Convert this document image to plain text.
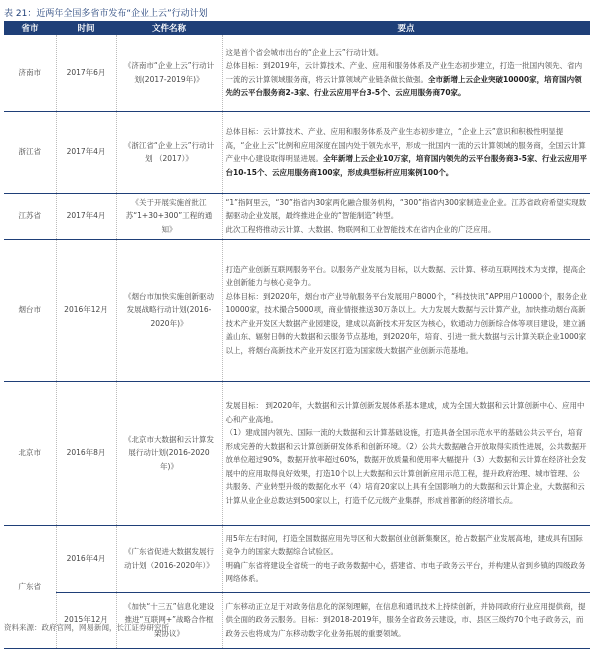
表 21：近两年全国多省市发布“企业上云”行动计划
省市	时间	文件名称	要点
济南市	2017年6月	《济南市“企业上云”行动计划(2017-2019年)》	这是首个省会城市出台的“企业上云”行动计划。
总体目标：到2019年，云计算技术、产业、应用和服务体系及产业生态初步建立，打造一批国内领先、省内一流的云计算领域服务商，将云计算领域产业链条做长做强。全市新增上云企业突破10000家，培育国内领先的云平台服务商2-3家、行业云应用平台3-5个、云应用服务商70家。

浙江省	2017年4月	《浙江省“企业上云”行动计划 （2017）》	总体目标：云计算技术、产业、应用和服务体系及产业生态初步建立，“企业上云”意识和积极性明显提高，“企业上云”比例和应用深度在国内处于领先水平，形成一批国内一流的云计算领域的服务商，全国云计算产业中心建设取得明显进展。全年新增上云企业10万家，培育国内领先的云平台服务商3-5家、行业云应用平台10-15个、云应用服务商100家，形成典型标杆应用案例100个。

江苏省	2017年4月	《关于开展实施首批江苏“1+30+300”工程的通知》	“1”指阿里云，“30”指省内30家两化融合服务机构，“300”指省内300家制造业企业。江苏省政府希望实现数据驱动企业发展，最终推进企业的“智能制造”转型。
此次工程将推动云计算、大数据、物联网和工业智能技术在省内企业的广泛应用。

烟台市	2016年12月	《烟台市加快实施创新驱动发展战略行动计划(2016-2020年)》	打造产业创新互联网服务平台。以服务产业发展为目标，以大数据、云计算、移动互联网技术为支撑，提高企业创新能力与核心竞争力。
总体目标：到2020年，烟台市产业导航服务平台发展用户8000个，“科技快讯”APP用户10000个，服务企业10000家，技术撮合5000项，商业情报推送30万条以上。大力发展大数据与云计算产业，加快推动烟台高新技术产业开发区大数据产业园建设，建成以高新技术开发区为核心，软通动力创新综合体等项目建设，建立涵盖山东、辐射日韩的大数据和云服务节点基地，到2020年，培育、引进一批大数据与云计算关联企业1000家以上，将烟台高新技术产业开发区打造为国家级大数据产业创新示范基地。

北京市	2016年8月	《北京市大数据和云计算发展行动计划(2016-2020年)》	发展目标： 到2020年，大数据和云计算创新发展体系基本建成，成为全国大数据和云计算创新中心、应用中心和产业高地。
（1）建成国内领先、国际一流的大数据和云计算基础设施，打造具备全国示范水平的基础公共云平台，培育形成完善的大数据和云计算创新研发体系和创新环境。（2）公共大数据融合开放取得实质性进展，公共数据开放单位超过90%，数据开放率超过60%，数据开放质量和使用率大幅提升（3）大数据和云计算在经济社会发展中的应用取得良好效果，打造10个以上大数据和云计算创新应用示范工程，提升政府治理、城市管理、公共服务、产业转型升级的数据化水平（4）培育20家以上具有全国影响力的大数据和云计算企业，大数据和云计算从业企业总数达到500家以上，打造千亿元级产业集群，形成首都新的经济增长点。

广东省	2016年4月	《广东省促进大数据发展行动计划（2016-2020年）》	用5年左右时间，打造全国数据应用先导区和大数据创业创新集聚区，抢占数据产业发展高地，建成具有国际竞争力的国家大数据综合试验区。
明确广东省将建设全省统一的电子政务数据中心，搭建省、市电子政务云平台，并构建从省到乡镇的四级政务网络体系。

	2015年12月	《加快“十三五”信息化建设 推进“互联网+”战略合作框架协议》	广东移动正立足于对政务信息化的深刻理解，在信息和通讯技术上持续创新，并协同政府行业应用提供商，提供全面的政务云服务。目标：到2018-2019年，服务全省政务云建设，市、县区三级约70个电子政务云，而政务云也将成为广东移动数字化业务拓展的重要领域。
资料来源：政府官网，网易新闻，长江证券研究所
